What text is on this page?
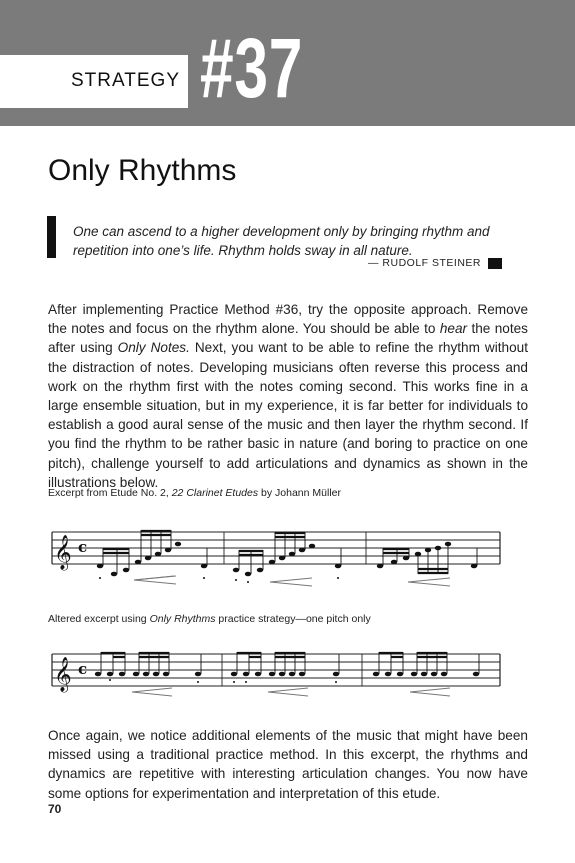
STRATEGY #37
Only Rhythms
One can ascend to a higher development only by bringing rhythm and repetition into one’s life. Rhythm holds sway in all nature.
— RUDOLF STEINER
After implementing Practice Method #36, try the opposite approach. Remove the notes and focus on the rhythm alone. You should be able to hear the notes after using Only Notes. Next, you want to be able to refine the rhythm without the distraction of notes. Developing musicians often reverse this process and work on the rhythm first with the notes coming second. This works fine in a large ensemble situation, but in my experience, it is far better for individuals to establish a good aural sense of the music and then layer the rhythm second. If you find the rhythm to be rather basic in nature (and boring to practice on one pitch), challenge yourself to add articulations and dynamics as shown in the illustrations below.
Excerpt from Etude No. 2, 22 Clarinet Etudes by Johann Müller
𝄞 c
Altered excerpt using Only Rhythms practice strategy—one pitch only
𝄞 c
Once again, we notice additional elements of the music that might have been missed using a traditional practice method. In this excerpt, the rhythms and dynamics are repetitive with interesting articulation changes. You now have some options for experimentation and interpretation of this etude.
70
